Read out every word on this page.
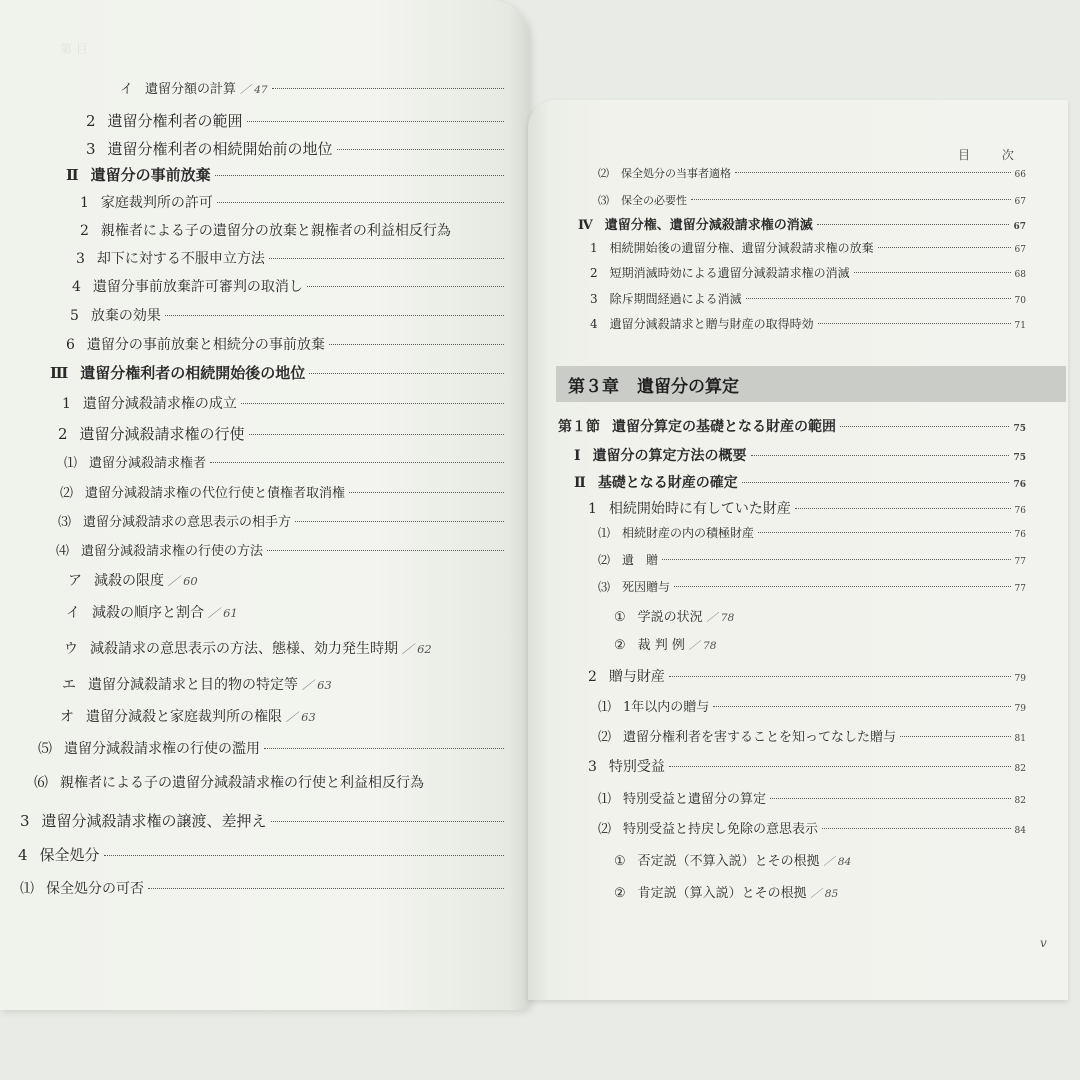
第 目
イ 遺留分額の計算 ／ 47
2 遺留分権利者の範囲
3 遺留分権利者の相続開始前の地位
Ⅱ 遺留分の事前放棄
1 家庭裁判所の許可
2 親権者による子の遺留分の放棄と親権者の利益相反行為
3 却下に対する不服申立方法
4 遺留分事前放棄許可審判の取消し
5 放棄の効果
6 遺留分の事前放棄と相続分の事前放棄
Ⅲ 遺留分権利者の相続開始後の地位
1 遺留分減殺請求権の成立
2 遺留分減殺請求権の行使
⑴ 遺留分減殺請求権者
⑵ 遺留分減殺請求権の代位行使と債権者取消権
⑶ 遺留分減殺請求の意思表示の相手方
⑷ 遺留分減殺請求権の行使の方法
ア 減殺の限度 ／ 60
イ 減殺の順序と割合 ／ 61
ウ 減殺請求の意思表示の方法、態様、効力発生時期 ／ 62
エ 遺留分減殺請求と目的物の特定等 ／ 63
オ 遺留分減殺と家庭裁判所の権限 ／ 63
⑸ 遺留分減殺請求権の行使の濫用
⑹ 親権者による子の遺留分減殺請求権の行使と利益相反行為
3 遺留分減殺請求権の譲渡、差押え
4 保全処分
⑴ 保全処分の可否
目 次
⑵ 保全処分の当事者適格	66
⑶ 保全の必要性	67
Ⅳ 遺留分権、遺留分減殺請求権の消滅	67
1 相続開始後の遺留分権、遺留分減殺請求権の放棄	67
2 短期消滅時効による遺留分減殺請求権の消滅	68
3 除斥期間経過による消滅	70
4 遺留分減殺請求と贈与財産の取得時効	71
第１節 遺留分算定の基礎となる財産の範囲	75
Ⅰ 遺留分の算定方法の概要	75
Ⅱ 基礎となる財産の確定	76
1 相続開始時に有していた財産	76
⑴ 相続財産の内の積極財産	76
⑵ 遺　贈	77
⑶ 死因贈与	77
① 学説の状況 ／ 78
② 裁 判 例 ／ 78
2 贈与財産	79
⑴ 1年以内の贈与	79
⑵ 遺留分権利者を害することを知ってなした贈与	81
3 特別受益	82
⑴ 特別受益と遺留分の算定	82
⑵ 特別受益と持戻し免除の意思表示	84
① 否定説（不算入説）とその根拠 ／ 84
② 肯定説（算入説）とその根拠 ／ 85
第３章 遺留分の算定
v
